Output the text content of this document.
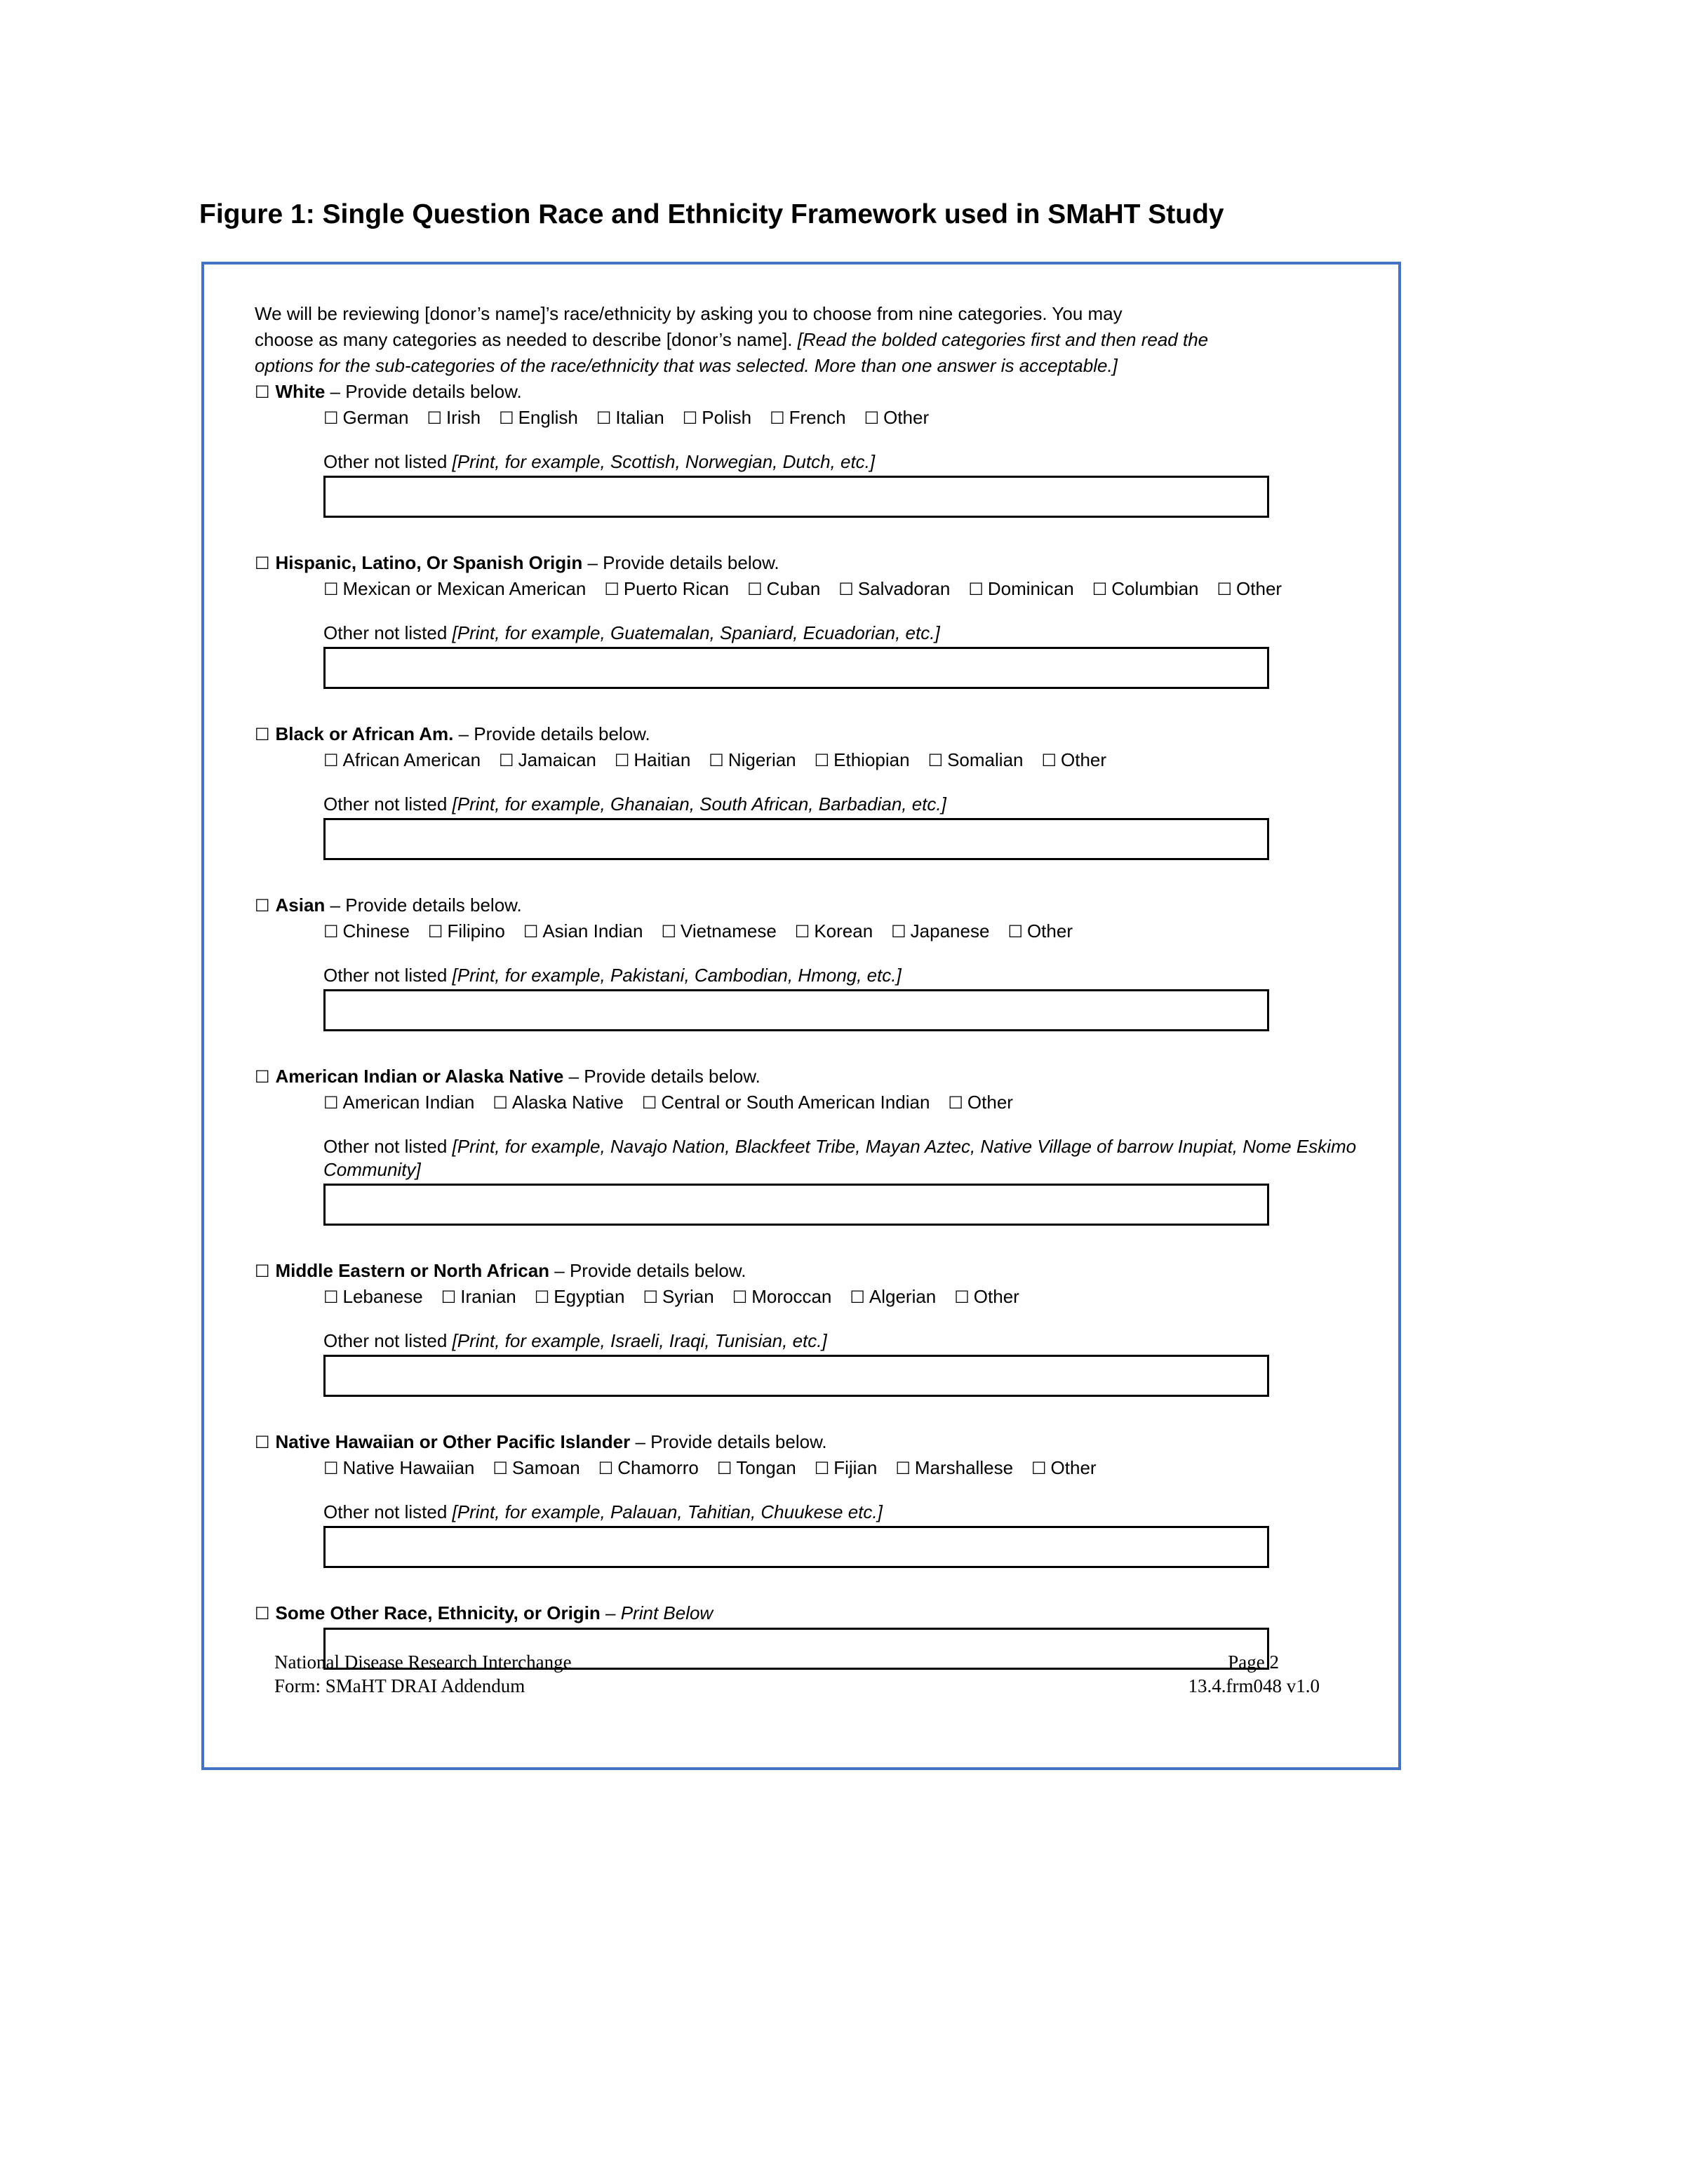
Figure 1: Single Question Race and Ethnicity Framework used in SMaHT Study
We will be reviewing [donor’s name]’s race/ethnicity by asking you to choose from nine categories. You may
choose as many categories as needed to describe [donor’s name]. [Read the bolded categories first and then read the
options for the sub-categories of the race/ethnicity that was selected. More than one answer is acceptable.]
☐ White – Provide details below.
☐ German ☐ Irish ☐ English ☐ Italian ☐ Polish ☐ French ☐ Other
Other not listed [Print, for example, Scottish, Norwegian, Dutch, etc.]
☐ Hispanic, Latino, Or Spanish Origin – Provide details below.
☐ Mexican or Mexican American ☐ Puerto Rican ☐ Cuban ☐ Salvadoran ☐ Dominican ☐ Columbian ☐ Other
Other not listed [Print, for example, Guatemalan, Spaniard, Ecuadorian, etc.]
☐ Black or African Am. – Provide details below.
☐ African American ☐ Jamaican ☐ Haitian ☐ Nigerian ☐ Ethiopian ☐ Somalian ☐ Other
Other not listed [Print, for example, Ghanaian, South African, Barbadian, etc.]
☐ Asian – Provide details below.
☐ Chinese ☐ Filipino ☐ Asian Indian ☐ Vietnamese ☐ Korean ☐ Japanese ☐ Other
Other not listed [Print, for example, Pakistani, Cambodian, Hmong, etc.]
☐ American Indian or Alaska Native – Provide details below.
☐ American Indian ☐ Alaska Native ☐ Central or South American Indian ☐ Other
Other not listed [Print, for example, Navajo Nation, Blackfeet Tribe, Mayan Aztec, Native Village of barrow Inupiat, Nome Eskimo Community]
☐ Middle Eastern or North African – Provide details below.
☐ Lebanese ☐ Iranian ☐ Egyptian ☐ Syrian ☐ Moroccan ☐ Algerian ☐ Other
Other not listed [Print, for example, Israeli, Iraqi, Tunisian, etc.]
☐ Native Hawaiian or Other Pacific Islander – Provide details below.
☐ Native Hawaiian ☐ Samoan ☐ Chamorro ☐ Tongan ☐ Fijian ☐ Marshallese ☐ Other
Other not listed [Print, for example, Palauan, Tahitian, Chuukese etc.]
☐ Some Other Race, Ethnicity, or Origin – Print Below
National Disease Research Interchange
Form: SMaHT DRAI Addendum
Page 2
13.4.frm048 v1.0
